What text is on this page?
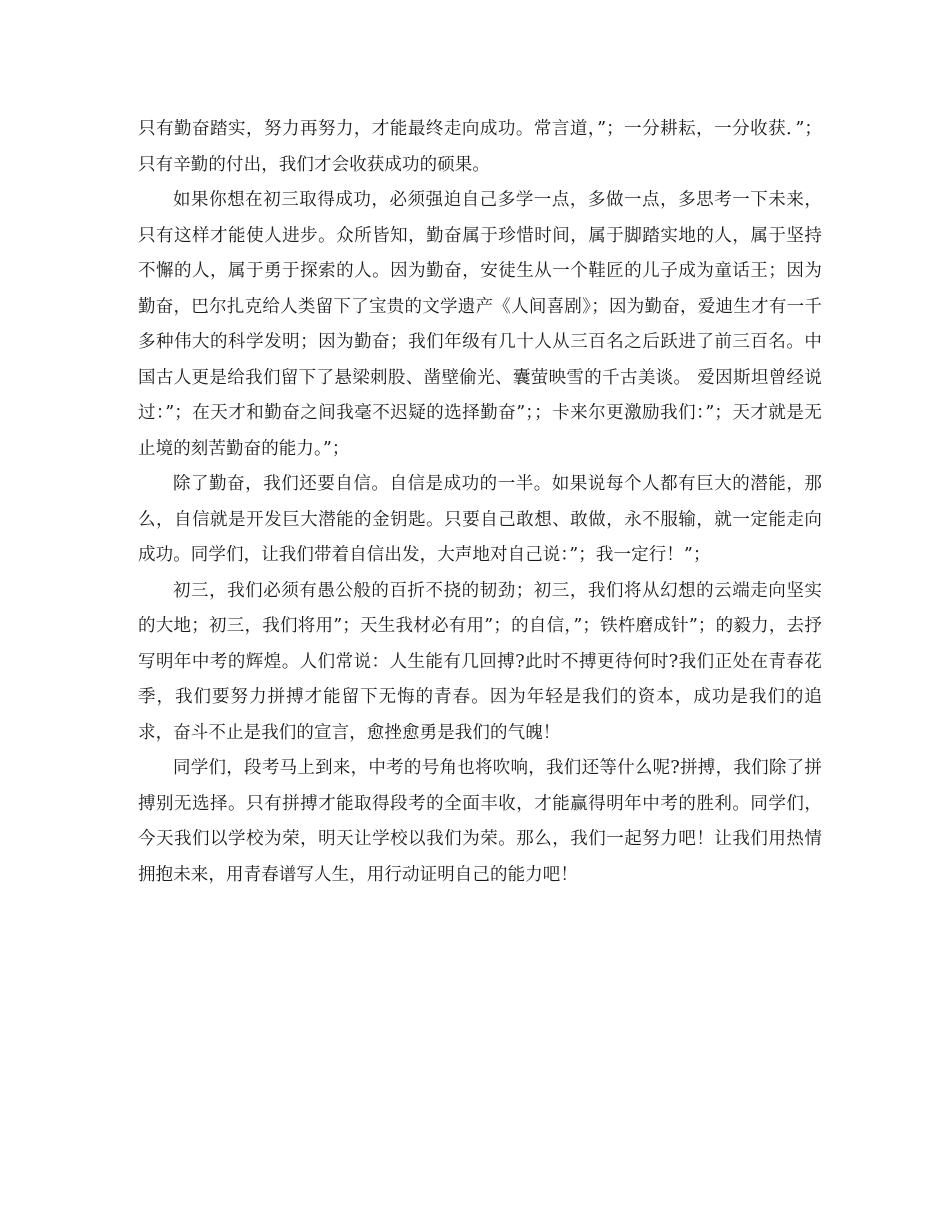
只有勤奋踏实，努力再努力，才能最终走向成功。常言道，”；一分耕耘，一分收获．”；只有辛勤的付出，我们才会收获成功的硕果。

如果你想在初三取得成功，必须强迫自己多学一点，多做一点，多思考一下未来，只有这样才能使人进步。众所皆知，勤奋属于珍惜时间，属于脚踏实地的人，属于坚持不懈的人，属于勇于探索的人。因为勤奋，安徒生从一个鞋匠的儿子成为童话王；因为勤奋，巴尔扎克给人类留下了宝贵的文学遗产《人间喜剧》；因为勤奋，爱迪生才有一千多种伟大的科学发明；因为勤奋；我们年级有几十人从三百名之后跃进了前三百名。中国古人更是给我们留下了悬梁刺股、凿壁偷光、囊萤映雪的千古美谈。 爱因斯坦曾经说过：”；在天才和勤奋之间我毫不迟疑的选择勤奋”；；卡来尔更激励我们：”；天才就是无止境的刻苦勤奋的能力。”；

除了勤奋，我们还要自信。自信是成功的一半。如果说每个人都有巨大的潜能，那么，自信就是开发巨大潜能的金钥匙。只要自己敢想、敢做，永不服输，就一定能走向成功。同学们，让我们带着自信出发，大声地对自己说：”；我一定行！”；

初三，我们必须有愚公般的百折不挠的韧劲；初三，我们将从幻想的云端走向坚实的大地；初三，我们将用”；天生我材必有用”；的自信，”；铁杵磨成针”；的毅力，去抒写明年中考的辉煌。人们常说：人生能有几回搏?此时不搏更待何时?我们正处在青春花季，我们要努力拼搏才能留下无悔的青春。因为年轻是我们的资本，成功是我们的追求，奋斗不止是我们的宣言，愈挫愈勇是我们的气魄！

同学们，段考马上到来，中考的号角也将吹响，我们还等什么呢?拼搏，我们除了拼搏别无选择。只有拼搏才能取得段考的全面丰收，才能赢得明年中考的胜利。同学们，今天我们以学校为荣，明天让学校以我们为荣。那么，我们一起努力吧！让我们用热情拥抱未来，用青春谱写人生，用行动证明自己的能力吧！
